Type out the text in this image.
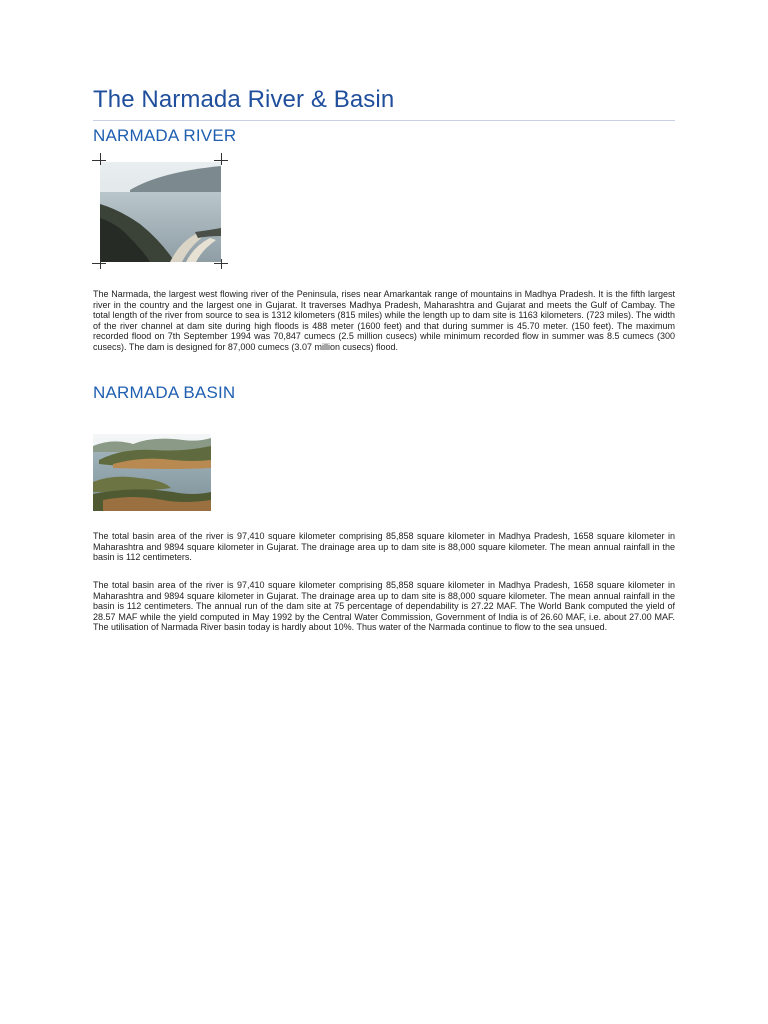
The Narmada River & Basin
NARMADA RIVER

The Narmada, the largest west flowing river of the Peninsula, rises near Amarkantak range of mountains in Madhya Pradesh. It is the fifth largest river in the country and the largest one in Gujarat. It traverses Madhya Pradesh, Maharashtra and Gujarat and meets the Gulf of Cambay. The total length of the river from source to sea is 1312 kilometers (815 miles) while the length up to dam site is 1163 kilometers. (723 miles). The width of the river channel at dam site during high floods is 488 meter (1600 feet) and that during summer is 45.70 meter. (150 feet). The maximum recorded flood on 7th September 1994 was 70,847 cumecs (2.5 million cusecs) while minimum recorded flow in summer was 8.5 cumecs (300 cusecs). The dam is designed for 87,000 cumecs (3.07 million cusecs) flood.

NARMADA BASIN

The total basin area of the river is 97,410 square kilometer comprising 85,858 square kilometer in Madhya Pradesh, 1658 square kilometer in Maharashtra and 9894 square kilometer in Gujarat. The drainage area up to dam site is 88,000 square kilometer. The mean annual rainfall in the basin is 112 centimeters.

The total basin area of the river is 97,410 square kilometer comprising 85,858 square kilometer in Madhya Pradesh, 1658 square kilometer in Maharashtra and 9894 square kilometer in Gujarat. The drainage area up to dam site is 88,000 square kilometer. The mean annual rainfall in the basin is 112 centimeters. The annual run of the dam site at 75 percentage of dependability is 27.22 MAF. The World Bank computed the yield of 28.57 MAF while the yield computed in May 1992 by the Central Water Commission, Government of India is of 26.60 MAF, i.e. about 27.00 MAF. The utilisation of Narmada River basin today is hardly about 10%. Thus water of the Narmada continue to flow to the sea unsued.
